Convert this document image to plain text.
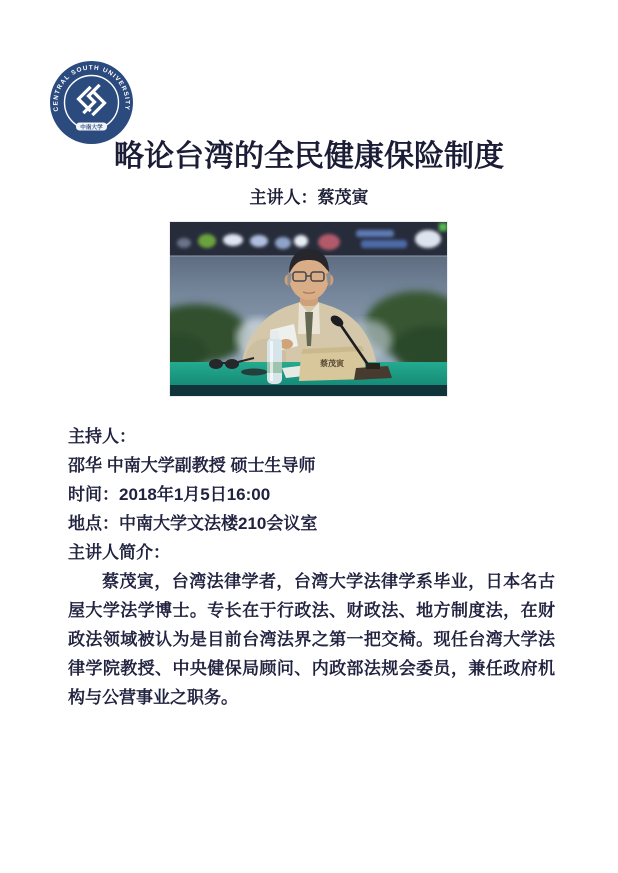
CENTRAL SOUTH UNIVERSITY
中南大学
略论台湾的全民健康保险制度
主讲人：蔡茂寅
蔡茂寅
主持人：
邵华 中南大学副教授 硕士生导师
时间：2018年1月5日16:00
地点：中南大学文法楼210会议室
主讲人简介：

蔡茂寅，台湾法律学者，台湾大学法律学系毕业，日本名古屋大学法学博士。专长在于行政法、财政法、地方制度法，在财政法领域被认为是目前台湾法界之第一把交椅。现任台湾大学法律学院教授、中央健保局顾问、内政部法规会委员，兼任政府机构与公营事业之职务。
